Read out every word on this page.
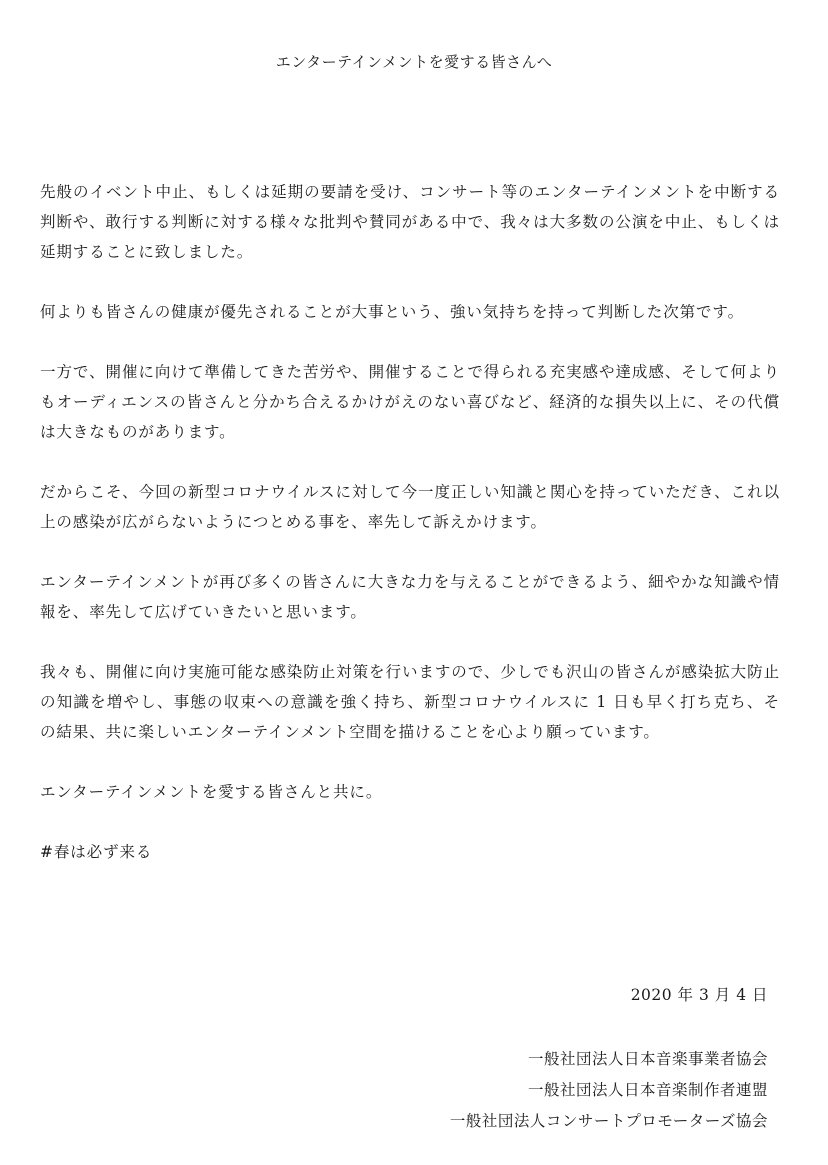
エンターテインメントを愛する皆さんへ

先般のイベント中止、もしくは延期の要請を受け、コンサート等のエンターテインメントを中断する判断や、敢行する判断に対する様々な批判や賛同がある中で、我々は大多数の公演を中止、もしくは延期することに致しました。

何よりも皆さんの健康が優先されることが大事という、強い気持ちを持って判断した次第です。

一方で、開催に向けて準備してきた苦労や、開催することで得られる充実感や達成感、そして何よりもオーディエンスの皆さんと分かち合えるかけがえのない喜びなど、経済的な損失以上に、その代償は大きなものがあります。

だからこそ、今回の新型コロナウイルスに対して今一度正しい知識と関心を持っていただき、これ以上の感染が広がらないようにつとめる事を、率先して訴えかけます。

エンターテインメントが再び多くの皆さんに大きな力を与えることができるよう、細やかな知識や情報を、率先して広げていきたいと思います。

我々も、開催に向け実施可能な感染防止対策を行いますので、少しでも沢山の皆さんが感染拡大防止の知識を増やし、事態の収束への意識を強く持ち、新型コロナウイルスに 1 日も早く打ち克ち、その結果、共に楽しいエンターテインメント空間を描けることを心より願っています。

エンターテインメントを愛する皆さんと共に。

#春は必ず来る

2020 年 3 月 4 日
一般社団法人日本音楽事業者協会
一般社団法人日本音楽制作者連盟
一般社団法人コンサートプロモーターズ協会
